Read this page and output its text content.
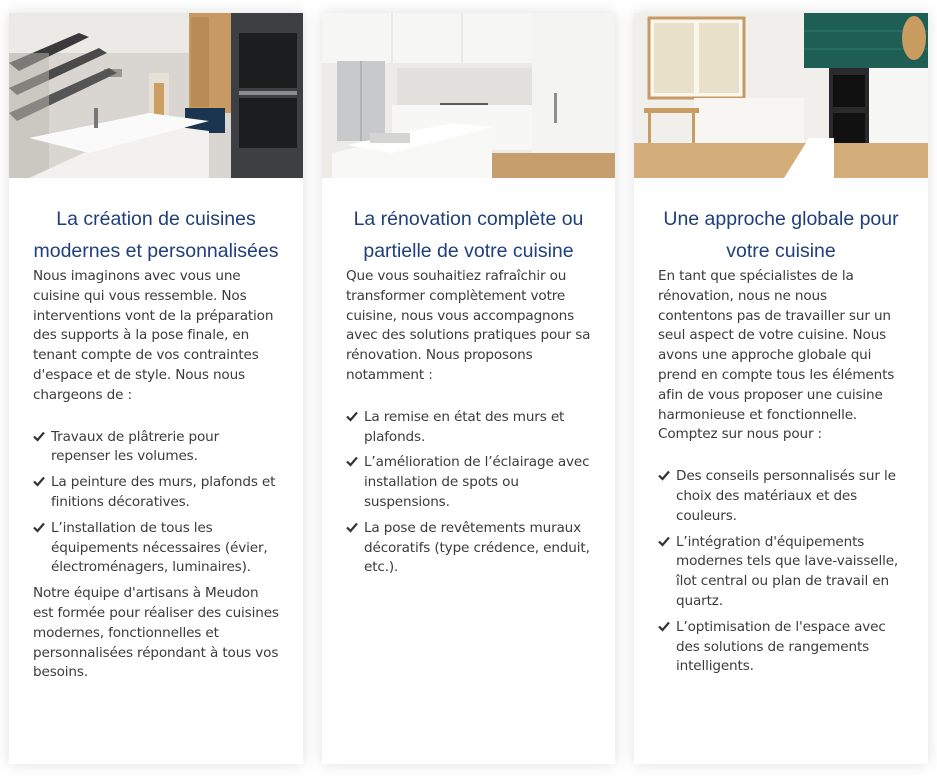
La création de cuisines modernes et personnalisées

Nous imaginons avec vous une cuisine qui vous ressemble. Nos interventions vont de la préparation des supports à la pose finale, en tenant compte de vos contraintes d'espace et de style. Nous nous chargeons de :

Travaux de plâtrerie pour repenser les volumes.
La peinture des murs, plafonds et finitions décoratives.
L’installation de tous les équipements nécessaires (évier, électroménagers, luminaires).

Notre équipe d'artisans à Meudon est formée pour réaliser des cuisines modernes, fonctionnelles et personnalisées répondant à tous vos besoins.

La rénovation complète ou partielle de votre cuisine

Que vous souhaitiez rafraîchir ou transformer complètement votre cuisine, nous vous accompagnons avec des solutions pratiques pour sa rénovation. Nous proposons notamment :

La remise en état des murs et plafonds.
L’amélioration de l’éclairage avec installation de spots ou suspensions.
La pose de revêtements muraux décoratifs (type crédence, enduit, etc.).
Une approche globale pour votre cuisine

En tant que spécialistes de la rénovation, nous ne nous contentons pas de travailler sur un seul aspect de votre cuisine. Nous avons une approche globale qui prend en compte tous les éléments afin de vous proposer une cuisine harmonieuse et fonctionnelle. Comptez sur nous pour :

Des conseils personnalisés sur le choix des matériaux et des couleurs.
L’intégration d'équipements modernes tels que lave-vaisselle, îlot central ou plan de travail en quartz.
L’optimisation de l'espace avec des solutions de rangements intelligents.
